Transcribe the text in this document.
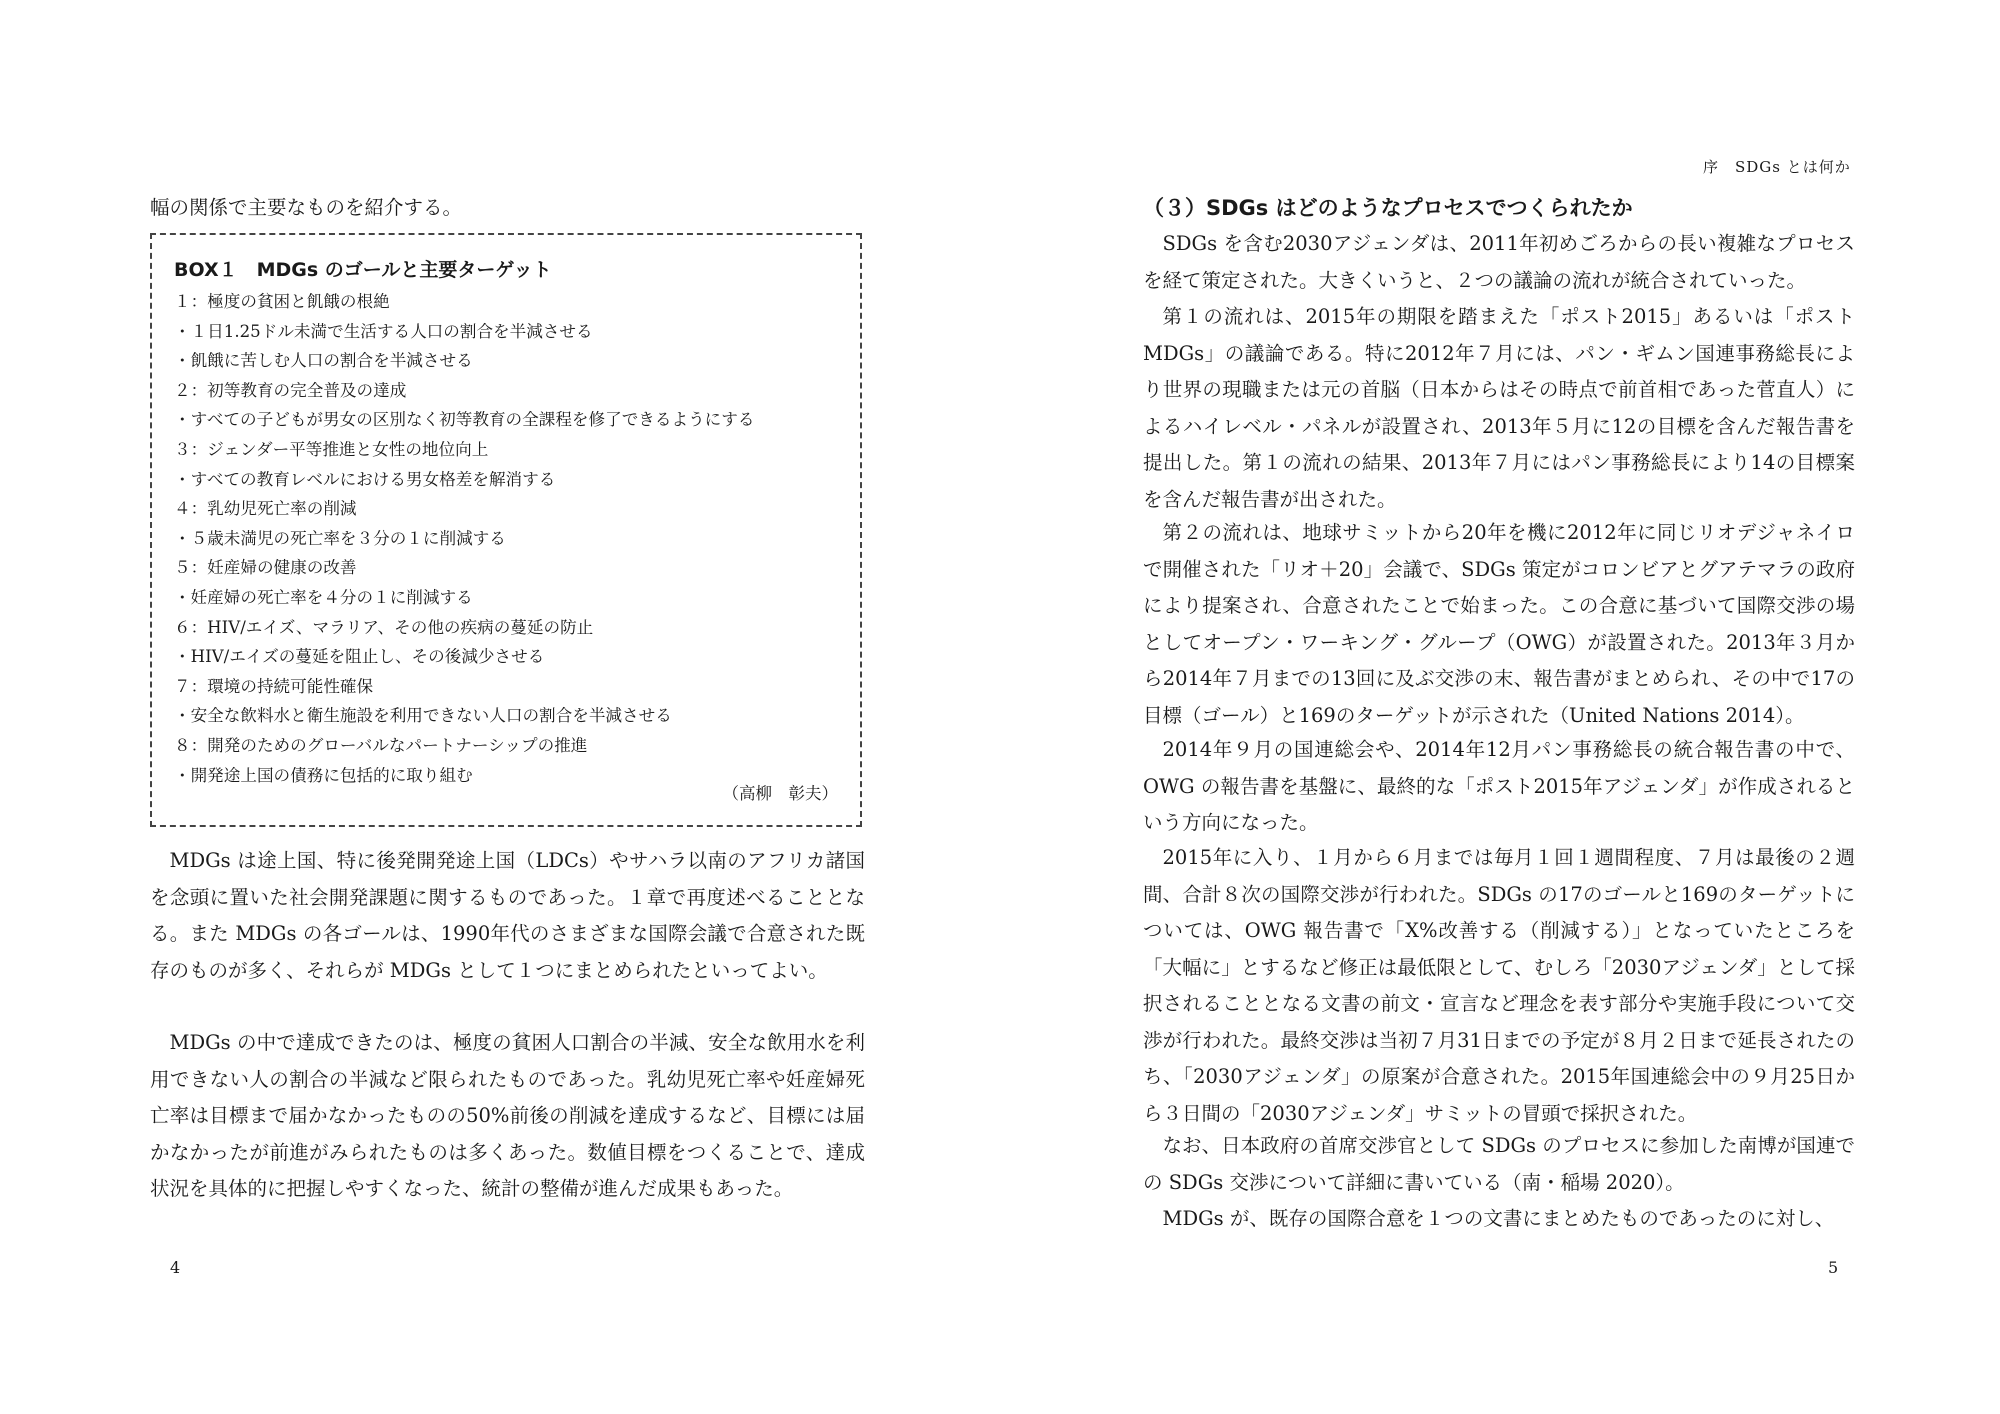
序　SDGs とは何か

幅の関係で主要なものを紹介する。

BOX１　MDGs のゴールと主要ターゲット
１：極度の貧困と飢餓の根絶
・１日1.25ドル未満で生活する人口の割合を半減させる
・飢餓に苦しむ人口の割合を半減させる
２：初等教育の完全普及の達成
・すべての子どもが男女の区別なく初等教育の全課程を修了できるようにする
３：ジェンダー平等推進と女性の地位向上
・すべての教育レベルにおける男女格差を解消する
４：乳幼児死亡率の削減
・５歳未満児の死亡率を３分の１に削減する
５：妊産婦の健康の改善
・妊産婦の死亡率を４分の１に削減する
６：HIV/エイズ、マラリア、その他の疾病の蔓延の防止
・HIV/エイズの蔓延を阻止し、その後減少させる
７：環境の持続可能性確保
・安全な飲料水と衛生施設を利用できない人口の割合を半減させる
８：開発のためのグローバルなパートナーシップの推進
・開発途上国の債務に包括的に取り組む
（高柳　彰夫）

MDGs は途上国、特に後発開発途上国（LDCs）やサハラ以南のアフリカ諸国を念頭に置いた社会開発課題に関するものであった。１章で再度述べることとなる。また MDGs の各ゴールは、1990年代のさまざまな国際会議で合意された既存のものが多く、それらが MDGs として１つにまとめられたといってよい。

MDGs の中で達成できたのは、極度の貧困人口割合の半減、安全な飲用水を利用できない人の割合の半減など限られたものであった。乳幼児死亡率や妊産婦死亡率は目標まで届かなかったものの50%前後の削減を達成するなど、目標には届かなかったが前進がみられたものは多くあった。数値目標をつくることで、達成状況を具体的に把握しやすくなった、統計の整備が進んだ成果もあった。

4
（３）SDGs はどのようなプロセスでつくられたか

SDGs を含む2030アジェンダは、2011年初めごろからの長い複雑なプロセスを経て策定された。大きくいうと、２つの議論の流れが統合されていった。

第１の流れは、2015年の期限を踏まえた「ポスト2015」あるいは「ポスト MDGs」の議論である。特に2012年７月には、パン・ギムン国連事務総長により世界の現職または元の首脳（日本からはその時点で前首相であった菅直人）によるハイレベル・パネルが設置され、2013年５月に12の目標を含んだ報告書を提出した。第１の流れの結果、2013年７月にはパン事務総長により14の目標案を含んだ報告書が出された。

第２の流れは、地球サミットから20年を機に2012年に同じリオデジャネイロで開催された「リオ＋20」会議で、SDGs 策定がコロンビアとグアテマラの政府により提案され、合意されたことで始まった。この合意に基づいて国際交渉の場としてオープン・ワーキング・グループ（OWG）が設置された。2013年３月から2014年７月までの13回に及ぶ交渉の末、報告書がまとめられ、その中で17の目標（ゴール）と169のターゲットが示された（United Nations 2014）。

2014年９月の国連総会や、2014年12月パン事務総長の統合報告書の中で、OWG の報告書を基盤に、最終的な「ポスト2015年アジェンダ」が作成されるという方向になった。

2015年に入り、１月から６月までは毎月１回１週間程度、７月は最後の２週間、合計８次の国際交渉が行われた。SDGs の17のゴールと169のターゲットについては、OWG 報告書で「X%改善する（削減する）」となっていたところを「大幅に」とするなど修正は最低限として、むしろ「2030アジェンダ」として採択されることとなる文書の前文・宣言など理念を表す部分や実施手段について交渉が行われた。最終交渉は当初７月31日までの予定が８月２日まで延長されたのち、「2030アジェンダ」の原案が合意された。2015年国連総会中の９月25日から３日間の「2030アジェンダ」サミットの冒頭で採択された。

なお、日本政府の首席交渉官として SDGs のプロセスに参加した南博が国連での SDGs 交渉について詳細に書いている（南・稲場 2020）。

MDGs が、既存の国際合意を１つの文書にまとめたものであったのに対し、

5
